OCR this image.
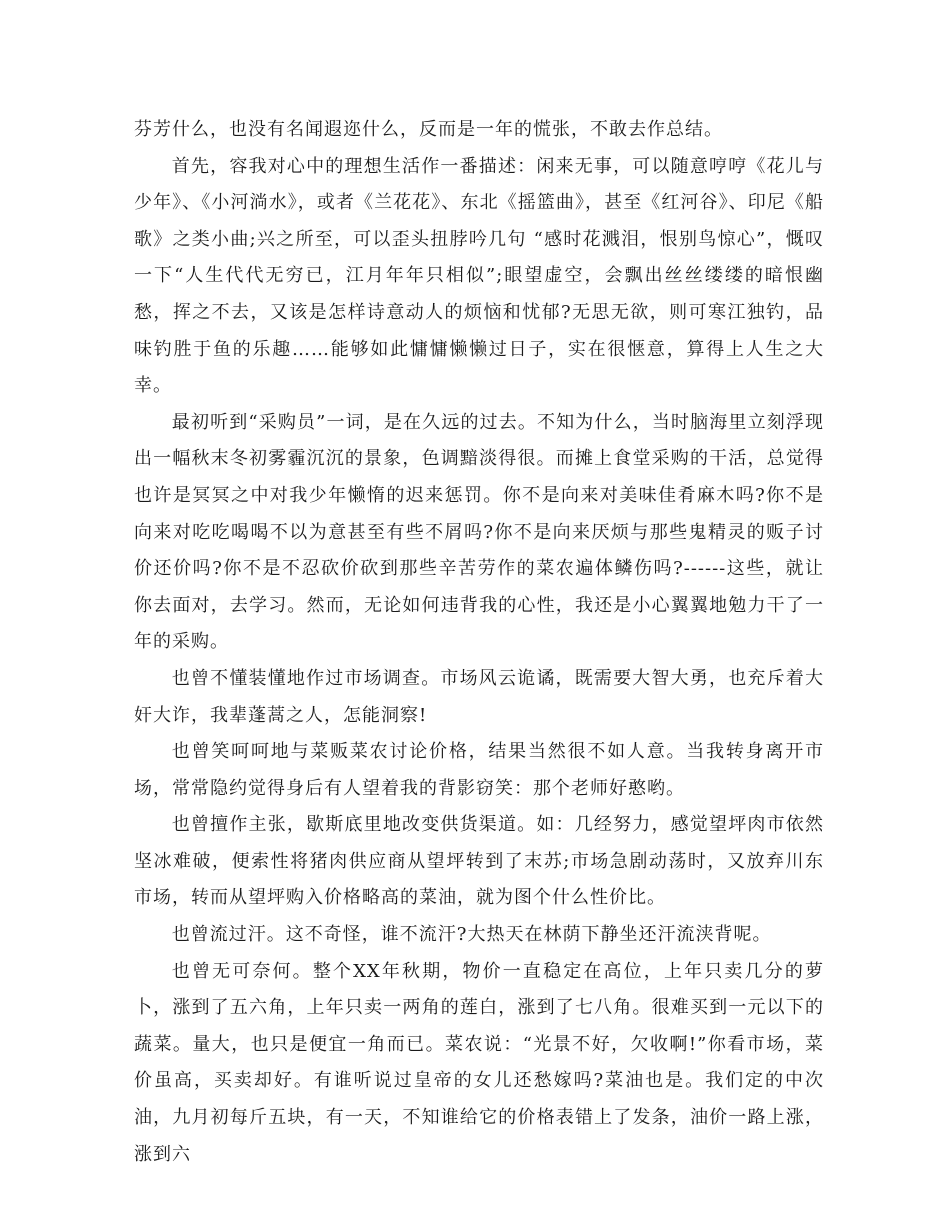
芬芳什么，也没有名闻遐迩什么，反而是一年的慌张，不敢去作总结。

首先，容我对心中的理想生活作一番描述：闲来无事，可以随意哼哼《花儿与少年》、《小河淌水》，或者《兰花花》、东北《摇篮曲》，甚至《红河谷》、印尼《船歌》之类小曲;兴之所至，可以歪头扭脖吟几句 “感时花溅泪，恨别鸟惊心”，慨叹一下“人生代代无穷已，江月年年只相似”;眼望虚空，会飘出丝丝缕缕的暗恨幽愁，挥之不去，又该是怎样诗意动人的烦恼和忧郁?无思无欲，则可寒江独钓，品味钓胜于鱼的乐趣……能够如此慵慵懒懒过日子，实在很惬意，算得上人生之大幸。

最初听到“采购员”一词，是在久远的过去。不知为什么，当时脑海里立刻浮现出一幅秋末冬初雾霾沉沉的景象，色调黯淡得很。而摊上食堂采购的干活，总觉得也许是冥冥之中对我少年懒惰的迟来惩罚。你不是向来对美味佳肴麻木吗?你不是向来对吃吃喝喝不以为意甚至有些不屑吗?你不是向来厌烦与那些鬼精灵的贩子讨价还价吗?你不是不忍砍价砍到那些辛苦劳作的菜农遍体鳞伤吗?------这些，就让你去面对，去学习。然而，无论如何违背我的心性，我还是小心翼翼地勉力干了一年的采购。

也曾不懂装懂地作过市场调查。市场风云诡谲，既需要大智大勇，也充斥着大奸大诈，我辈蓬蒿之人，怎能洞察!

也曾笑呵呵地与菜贩菜农讨论价格，结果当然很不如人意。当我转身离开市场，常常隐约觉得身后有人望着我的背影窃笑：那个老师好憨哟。

也曾擅作主张，歇斯底里地改变供货渠道。如：几经努力，感觉望坪肉市依然坚冰难破，便索性将猪肉供应商从望坪转到了末苏;市场急剧动荡时，又放弃川东市场，转而从望坪购入价格略高的菜油，就为图个什么性价比。

也曾流过汗。这不奇怪，谁不流汗?大热天在林荫下静坐还汗流浃背呢。

也曾无可奈何。整个XX年秋期，物价一直稳定在高位，上年只卖几分的萝卜，涨到了五六角，上年只卖一两角的莲白，涨到了七八角。很难买到一元以下的蔬菜。量大，也只是便宜一角而已。菜农说：“光景不好，欠收啊!”你看市场，菜价虽高，买卖却好。有谁听说过皇帝的女儿还愁嫁吗?菜油也是。我们定的中次油，九月初每斤五块，有一天，不知谁给它的价格表错上了发条，油价一路上涨，涨到六
